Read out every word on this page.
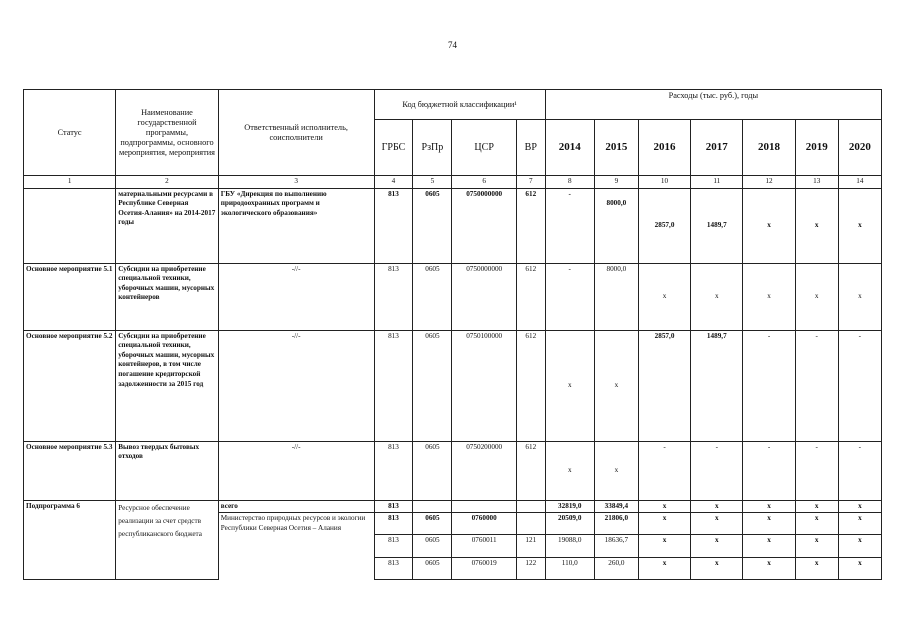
74
Статус	Наименование государственной программы, подпрограммы, основного мероприятия, мероприятия	Ответственный исполнитель, соисполнители	Код бюджетной классификации¹				Расходы (тыс. руб.), годы						
			ГРБС	РзПр	ЦСР	ВР	2014	2015	2016	2017	2018	2019	2020
1	2	3	4	5	6	7	8	9	10	11	12	13	14
	материальными ресурсами в Республике Северная Осетия-Алания» на 2014-2017 годы	ГБУ «Дирекция по выполнению природоохранных программ и экологического образования»	813	0605	0750000000	612	-	8000,0	2857,0	1489,7	x	x	x
Основное мероприятие 5.1	Субсидии на приобретение специальной техники, уборочных машин, мусорных контейнеров	-//-	813	0605	0750000000	612	-	8000,0	x	x	x	x	x
Основное мероприятие 5.2	Субсидии на приобретение специальной техники, уборочных машин, мусорных контейнеров, в том числе погашение кредиторской задолженности за 2015 год	-//-	813	0605	0750100000	612	x	x	2857,0	1489,7	-	-	-
Основное мероприятие 5.3	Вывоз твердых бытовых отходов	-//-	813	0605	0750200000	612	x	x	-	-	-	-	-
Подпрограмма 6	Ресурсное обеспечение реализации за счет средств республиканского бюджета	всего	813				32819,0	33849,4	x	x	x	x	x
		Министерство природных ресурсов и экологии Республики Северная Осетия – Алания	813	0605	0760000		20509,0	21806,0	x	x	x	x	x
			813	0605	0760011	121	19088,0	18636,7	x	x	x	x	x
			813	0605	0760019	122	110,0	260,0	x	x	x	x	x
